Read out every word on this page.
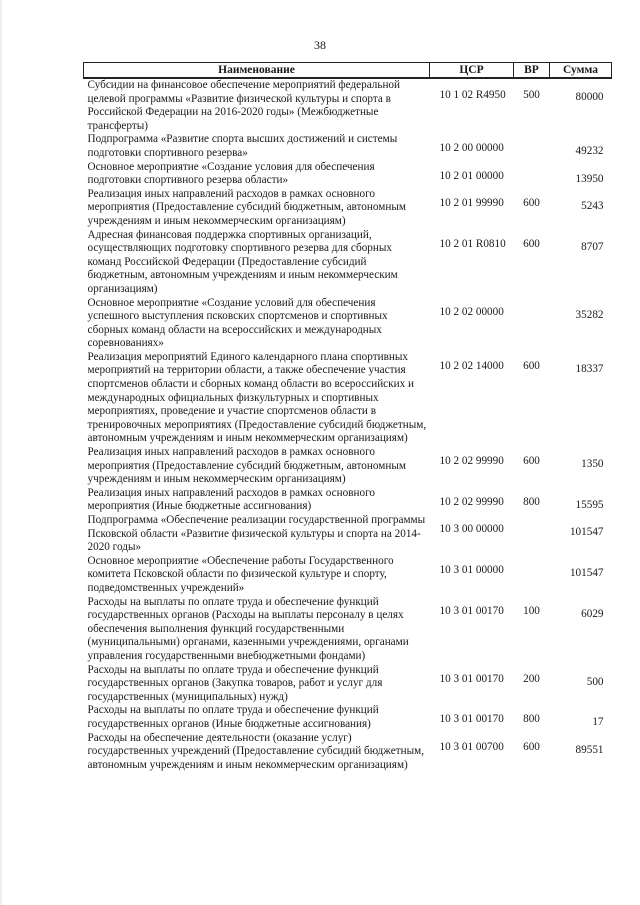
38
Наименование	ЦСР	ВР	Сумма
Субсидии на финансовое обеспечение мероприятий федеральной целевой программы «Развитие физической культуры и спорта в Российской Федерации на 2016-2020 годы» (Межбюджетные трансферты)	10 1 02 R4950	500	80000
Подпрограмма «Развитие спорта высших достижений и системы подготовки спортивного резерва»	10 2 00 00000		49232
Основное мероприятие «Создание условия для обеспечения подготовки спортивного резерва области»	10 2 01 00000		13950
Реализация иных направлений расходов в рамках основного мероприятия (Предоставление субсидий бюджетным, автономным учреждениям и иным некоммерческим организациям)	10 2 01 99990	600	5243
Адресная финансовая поддержка спортивных организаций, осуществляющих подготовку спортивного резерва для сборных команд Российской Федерации (Предоставление субсидий бюджетным, автономным учреждениям и иным некоммерческим организациям)	10 2 01 R0810	600	8707
Основное мероприятие «Создание условий для обеспечения успешного выступления псковских спортсменов и спортивных сборных команд области на всероссийских и международных соревнованиях»	10 2 02 00000		35282
Реализация мероприятий Единого календарного плана спортивных мероприятий на территории области, а также обеспечение участия спортсменов области и сборных команд области во всероссийских и международных официальных физкультурных и спортивных мероприятиях, проведение и участие спортсменов области в тренировочных мероприятиях (Предоставление субсидий бюджетным, автономным учреждениям и иным некоммерческим организациям)	10 2 02 14000	600	18337
Реализация иных направлений расходов в рамках основного мероприятия (Предоставление субсидий бюджетным, автономным учреждениям и иным некоммерческим организациям)	10 2 02 99990	600	1350
Реализация иных направлений расходов в рамках основного мероприятия (Иные бюджетные ассигнования)	10 2 02 99990	800	15595
Подпрограмма «Обеспечение реализации государственной программы Псковской области «Развитие физической культуры и спорта на 2014-2020 годы»	10 3 00 00000		101547
Основное мероприятие «Обеспечение работы Государственного комитета Псковской области по физической культуре и спорту, подведомственных учреждений»	10 3 01 00000		101547
Расходы на выплаты по оплате труда и обеспечение функций государственных органов (Расходы на выплаты персоналу в целях обеспечения выполнения функций государственными (муниципальными) органами, казенными учреждениями, органами управления государственными внебюджетными фондами)	10 3 01 00170	100	6029
Расходы на выплаты по оплате труда и обеспечение функций государственных органов (Закупка товаров, работ и услуг для государственных (муниципальных) нужд)	10 3 01 00170	200	500
Расходы на выплаты по оплате труда и обеспечение функций государственных органов (Иные бюджетные ассигнования)	10 3 01 00170	800	17
Расходы на обеспечение деятельности (оказание услуг) государственных учреждений (Предоставление субсидий бюджетным, автономным учреждениям и иным некоммерческим организациям)	10 3 01 00700	600	89551
